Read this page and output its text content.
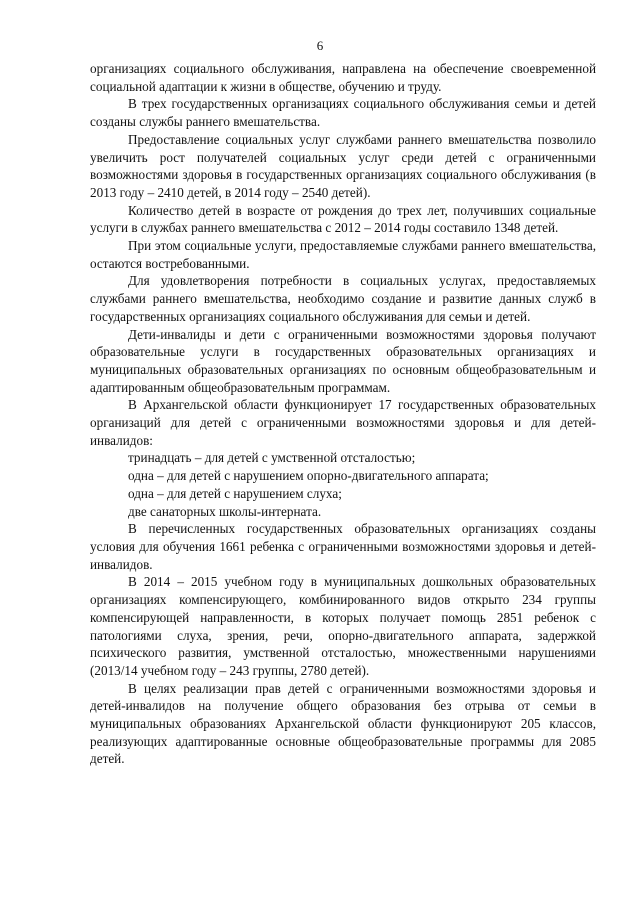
6

организациях социального обслуживания, направлена на обеспечение своевременной социальной адаптации к жизни в обществе, обучению и труду.

В трех государственных организациях социального обслуживания семьи и детей созданы службы раннего вмешательства.

Предоставление социальных услуг службами раннего вмешательства позволило увеличить рост получателей социальных услуг среди детей с ограниченными возможностями здоровья в государственных организациях социального обслуживания (в 2013 году – 2410 детей, в 2014 году – 2540 детей).

Количество детей в возрасте от рождения до трех лет, получивших социальные услуги в службах раннего вмешательства с 2012 – 2014 годы составило 1348 детей.

При этом социальные услуги, предоставляемые службами раннего вмешательства, остаются востребованными.

Для удовлетворения потребности в социальных услугах, предоставляемых службами раннего вмешательства, необходимо создание и развитие данных служб в государственных организациях социального обслуживания для семьи и детей.

Дети-инвалиды и дети с ограниченными возможностями здоровья получают образовательные услуги в государственных образовательных организациях и муниципальных образовательных организациях по основным общеобразовательным и адаптированным общеобразовательным программам.

В Архангельской области функционирует 17 государственных образовательных организаций для детей с ограниченными возможностями здоровья и для детей-инвалидов:

тринадцать – для детей с умственной отсталостью;
одна – для детей с нарушением опорно-двигательного аппарата;
одна – для детей с нарушением слуха;
две санаторных школы-интерната.

В перечисленных государственных образовательных организациях созданы условия для обучения 1661 ребенка с ограниченными возможностями здоровья и детей-инвалидов.

В 2014 – 2015 учебном году в муниципальных дошкольных образовательных организациях компенсирующего, комбинированного видов открыто 234 группы компенсирующей направленности, в которых получает помощь 2851 ребенок с патологиями слуха, зрения, речи, опорно-двигательного аппарата, задержкой психического развития, умственной отсталостью, множественными нарушениями (2013/14 учебном году – 243 группы, 2780 детей).

В целях реализации прав детей с ограниченными возможностями здоровья и детей-инвалидов на получение общего образования без отрыва от семьи в муниципальных образованиях Архангельской области функционируют 205 классов, реализующих адаптированные основные общеобразовательные программы для 2085 детей.
